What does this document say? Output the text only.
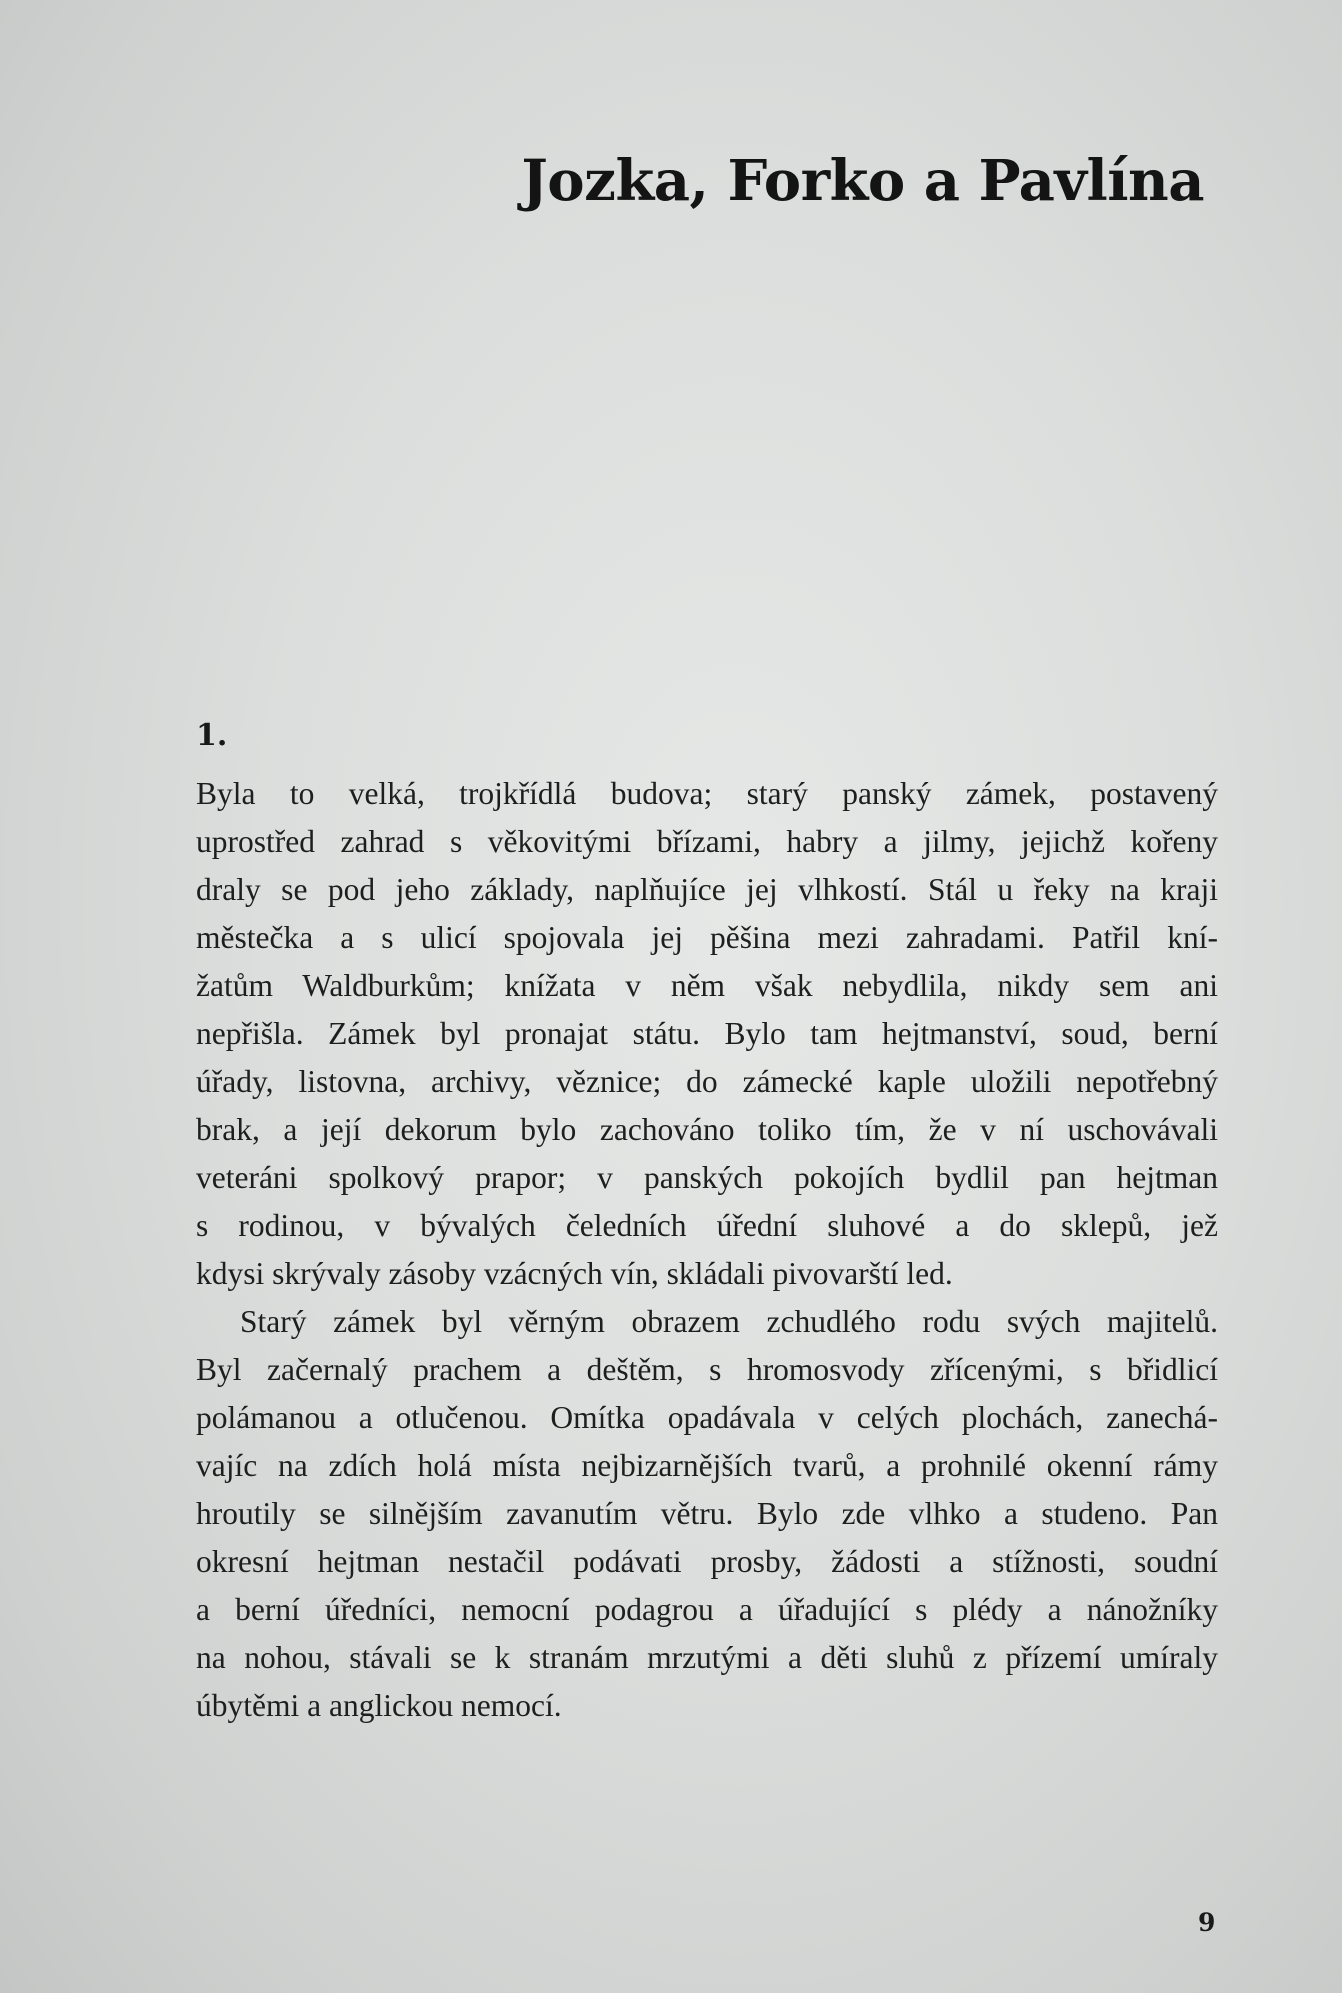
Jozka, Forko a Pavlína

1.

Byla to velká, trojkřídlá budova; starý panský zámek, postavený
uprostřed zahrad s věkovitými břízami, habry a jilmy, jejichž kořeny
draly se pod jeho základy, naplňujíce jej vlhkostí. Stál u řeky na kraji
městečka a s ulicí spojovala jej pěšina mezi zahradami. Patřil kní-
žatům Waldburkům; knížata v něm však nebydlila, nikdy sem ani
nepřišla. Zámek byl pronajat státu. Bylo tam hejtmanství, soud, berní
úřady, listovna, archivy, věznice; do zámecké kaple uložili nepotřebný
brak, a její dekorum bylo zachováno toliko tím, že v ní uschovávali
veteráni spolkový prapor; v panských pokojích bydlil pan hejtman
s rodinou, v bývalých čeledních úřední sluhové a do sklepů, jež
kdysi skrývaly zásoby vzácných vín, skládali pivovarští led.
Starý zámek byl věrným obrazem zchudlého rodu svých majitelů.
Byl začernalý prachem a deštěm, s hromosvody zřícenými, s břidlicí
polámanou a otlučenou. Omítka opadávala v celých plochách, zanechá-
vajíc na zdích holá místa nejbizarnějších tvarů, a prohnilé okenní rámy
hroutily se silnějším zavanutím větru. Bylo zde vlhko a studeno. Pan
okresní hejtman nestačil podávati prosby, žádosti a stížnosti, soudní
a berní úředníci, nemocní podagrou a úřadující s plédy a nánožníky
na nohou, stávali se k stranám mrzutými a děti sluhů z přízemí umíraly
úbytěmi a anglickou nemocí.

9
